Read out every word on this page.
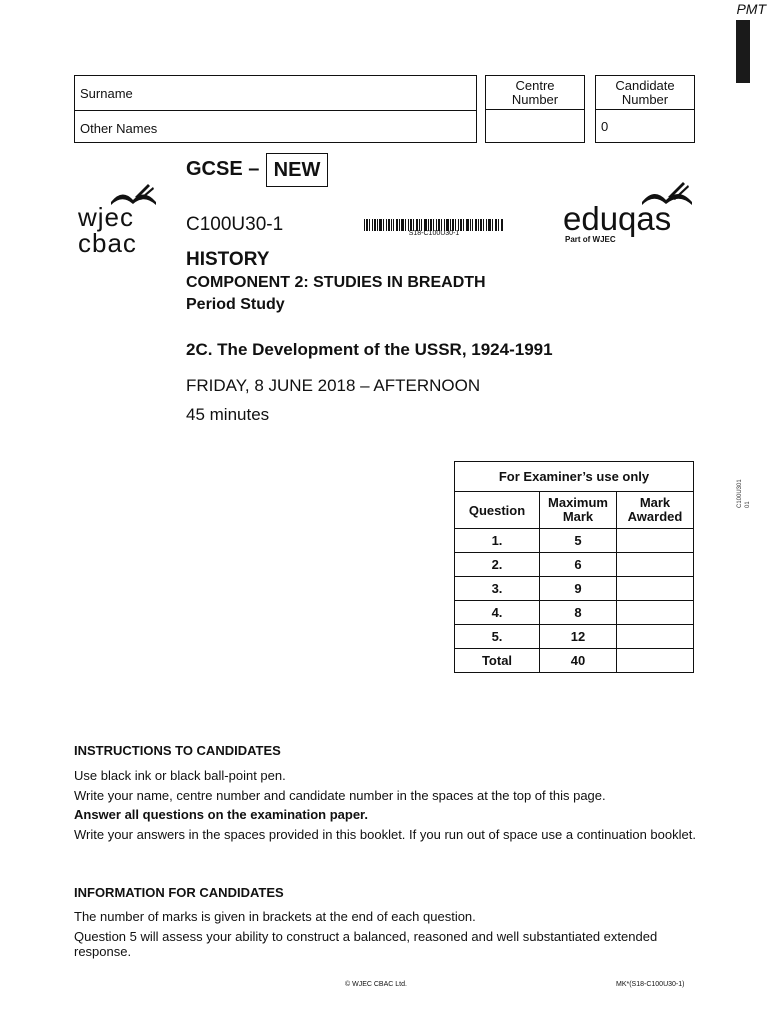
PMT
Surname
Other Names
Centre
Number
Candidate
Number
0
GCSE – NEW
wjec
cbac
C100U30-1	S18-C100U30-1	eduqas
Part of WJEC
HISTORY
COMPONENT 2: STUDIES IN BREADTH
Period Study
2C. The Development of the USSR, 1924-1991
FRIDAY, 8 JUNE 2018 – AFTERNOON
45 minutes
C100U301 01
For Examiner’s use only		
Question	Maximum Mark	Mark Awarded
1.	5	
2.	6	
3.	9	
4.	8	
5.	12	
Total	40	
INSTRUCTIONS TO CANDIDATES
Use black ink or black ball-point pen.
Write your name, centre number and candidate number in the spaces at the top of this page.
Answer all questions on the examination paper.
Write your answers in the spaces provided in this booklet. If you run out of space use a continuation booklet.
INFORMATION FOR CANDIDATES
The number of marks is given in brackets at the end of each question.
Question 5 will assess your ability to construct a balanced, reasoned and well substantiated extended response.
© WJEC CBAC Ltd.	MK*(S18-C100U30-1)
